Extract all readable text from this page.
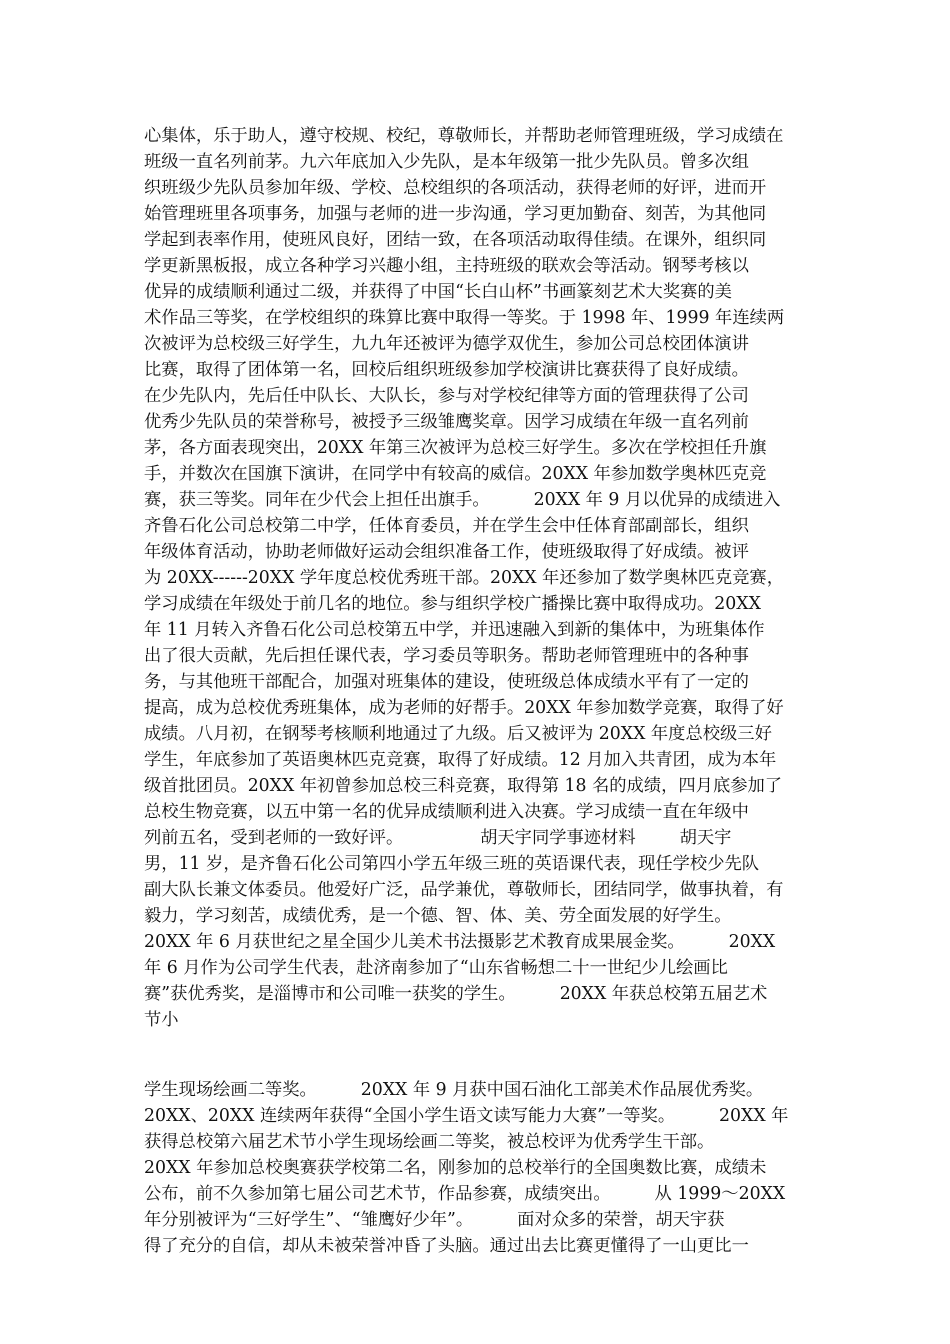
心集体，乐于助人，遵守校规、校纪，尊敬师长，并帮助老师管理班级，学习成绩在
班级一直名列前茅。九六年底加入少先队，是本年级第一批少先队员。曾多次组
织班级少先队员参加年级、学校、总校组织的各项活动，获得老师的好评，进而开
始管理班里各项事务，加强与老师的进一步沟通，学习更加勤奋、刻苦，为其他同
学起到表率作用，使班风良好，团结一致，在各项活动取得佳绩。在课外，组织同
学更新黑板报，成立各种学习兴趣小组，主持班级的联欢会等活动。钢琴考核以
优异的成绩顺利通过二级，并获得了中国“长白山杯”书画篆刻艺术大奖赛的美
术作品三等奖，在学校组织的珠算比赛中取得一等奖。于 1998 年、1999 年连续两
次被评为总校级三好学生，九九年还被评为德学双优生，参加公司总校团体演讲
比赛，取得了团体第一名，回校后组织班级参加学校演讲比赛获得了良好成绩。
在少先队内，先后任中队长、大队长，参与对学校纪律等方面的管理获得了公司
优秀少先队员的荣誉称号，被授予三级雏鹰奖章。因学习成绩在年级一直名列前
茅，各方面表现突出，20XX 年第三次被评为总校三好学生。多次在学校担任升旗
手，并数次在国旗下演讲，在同学中有较高的威信。20XX 年参加数学奥林匹克竞
赛，获三等奖。同年在少代会上担任出旗手。        20XX 年 9 月以优异的成绩进入
齐鲁石化公司总校第二中学，任体育委员，并在学生会中任体育部副部长，组织
年级体育活动，协助老师做好运动会组织准备工作，使班级取得了好成绩。被评
为 20XX------20XX 学年度总校优秀班干部。20XX 年还参加了数学奥林匹克竞赛，
学习成绩在年级处于前几名的地位。参与组织学校广播操比赛中取得成功。20XX
年 11 月转入齐鲁石化公司总校第五中学，并迅速融入到新的集体中，为班集体作
出了很大贡献，先后担任课代表，学习委员等职务。帮助老师管理班中的各种事
务，与其他班干部配合，加强对班集体的建设，使班级总体成绩水平有了一定的
提高，成为总校优秀班集体，成为老师的好帮手。20XX 年参加数学竞赛，取得了好
成绩。八月初，在钢琴考核顺利地通过了九级。后又被评为 20XX 年度总校级三好
学生，年底参加了英语奥林匹克竞赛，取得了好成绩。12 月加入共青团，成为本年
级首批团员。20XX 年初曾参加总校三科竞赛，取得第 18 名的成绩，四月底参加了
总校生物竞赛，以五中第一名的优异成绩顺利进入决赛。学习成绩一直在年级中
列前五名，受到老师的一致好评。              胡天宇同学事迹材料        胡天宇
男，11 岁，是齐鲁石化公司第四小学五年级三班的英语课代表，现任学校少先队
副大队长兼文体委员。他爱好广泛，品学兼优，尊敬师长，团结同学，做事执着，有
毅力，学习刻苦，成绩优秀，是一个德、智、体、美、劳全面发展的好学生。
20XX 年 6 月获世纪之星全国少儿美术书法摄影艺术教育成果展金奖。        20XX
年 6 月作为公司学生代表，赴济南参加了“山东省畅想二十一世纪少儿绘画比
赛”获优秀奖，是淄博市和公司唯一获奖的学生。        20XX 年获总校第五届艺术
节小
学生现场绘画二等奖。        20XX 年 9 月获中国石油化工部美术作品展优秀奖。
20XX、20XX 连续两年获得“全国小学生语文读写能力大赛”一等奖。        20XX 年
获得总校第六届艺术节小学生现场绘画二等奖，被总校评为优秀学生干部。
20XX 年参加总校奥赛获学校第二名，刚参加的总校举行的全国奥数比赛，成绩未
公布，前不久参加第七届公司艺术节，作品参赛，成绩突出。        从 1999～20XX
年分别被评为“三好学生”、“雏鹰好少年”。        面对众多的荣誉，胡天宇获
得了充分的自信，却从未被荣誉冲昏了头脑。通过出去比赛更懂得了一山更比一
